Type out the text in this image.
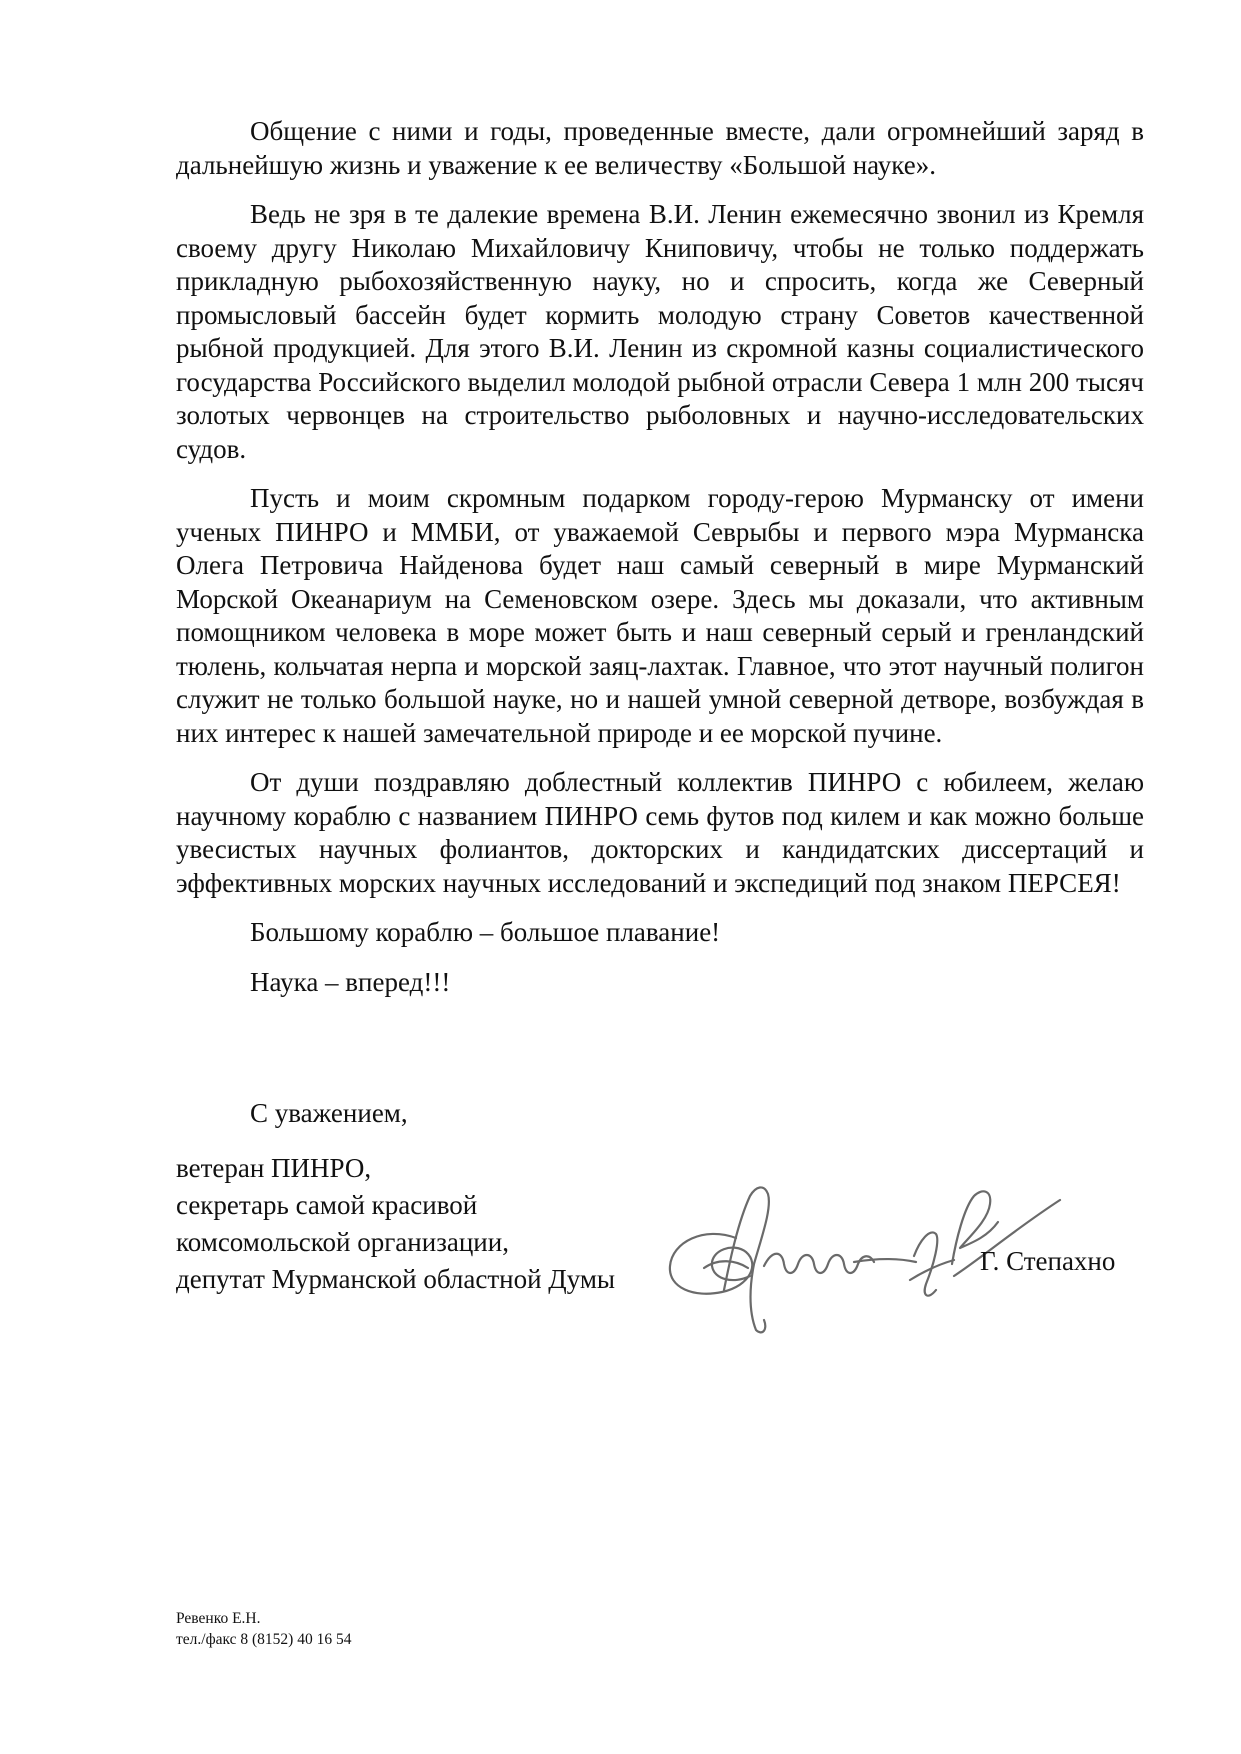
Общение с ними и годы, проведенные вместе, дали огромнейший заряд в дальнейшую жизнь и уважение к ее величеству «Большой науке».

Ведь не зря в те далекие времена В.И. Ленин ежемесячно звонил из Кремля своему другу Николаю Михайловичу Книповичу, чтобы не только поддержать прикладную рыбохозяйственную науку, но и спросить, когда же Северный промысловый бассейн будет кормить молодую страну Советов качественной рыбной продукцией. Для этого В.И. Ленин из скромной казны социалистического государства Российского выделил молодой рыбной отрасли Севера 1 млн 200 тысяч золотых червонцев на строительство рыболовных и научно-исследовательских судов.

Пусть и моим скромным подарком городу-герою Мурманску от имени ученых ПИНРО и ММБИ, от уважаемой Севрыбы и первого мэра Мурманска Олега Петровича Найденова будет наш самый северный в мире Мурманский Морской Океанариум на Семеновском озере. Здесь мы доказали, что активным помощником человека в море может быть и наш северный серый и гренландский тюлень, кольчатая нерпа и морской заяц-лахтак. Главное, что этот научный полигон служит не только большой науке, но и нашей умной северной детворе, возбуждая в них интерес к нашей замечательной природе и ее морской пучине.

От души поздравляю доблестный коллектив ПИНРО с юбилеем, желаю научному кораблю с названием ПИНРО семь футов под килем и как можно больше увесистых научных фолиантов, докторских и кандидатских диссертаций и эффективных морских научных исследований и экспедиций под знаком ПЕРСЕЯ!

Большому кораблю – большое плавание!

Наука – вперед!!!

С уважением,
ветеран ПИНРО,
секретарь самой красивой
комсомольской организации,
депутат Мурманской областной Думы
Г. Степахно
Ревенко Е.Н.
тел./факс 8 (8152) 40 16 54
